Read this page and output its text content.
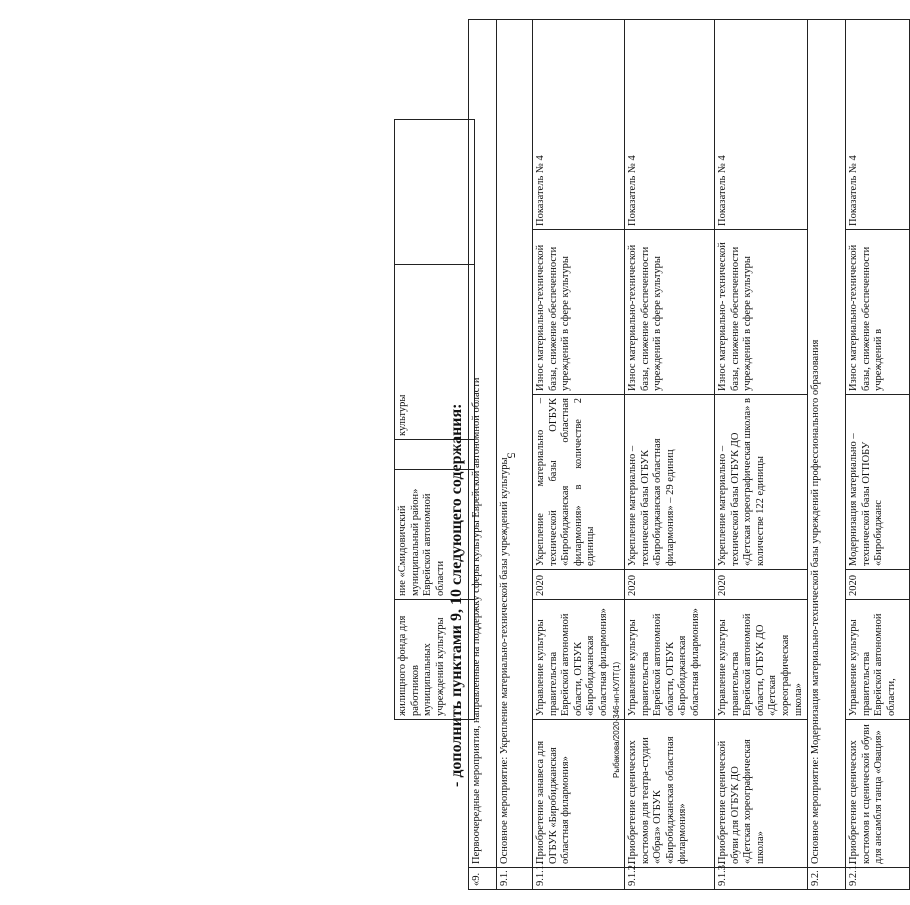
5
Рыбакова/2020-346-нп-КУЛТ(1)
жилищного фонда для работников муниципальных учреждений культуры	ние «Смидовичский муниципальный район» Еврейской автономной области		культуры		- дополнить пунктами 9, 10 следующего содержания:
«9.	Первоочередные мероприятия, направленные на поддержку сферы культуры Еврейской автономной области					
9.1.	Основное мероприятие: Укрепление материально-технической базы учреждений культуры					
9.1.1.	Приобретение занавеса для ОГБУК «Биробиджанская областная филармония»	Управление культуры правительства Еврейской автономной области, ОГБУК «Биробиджанская областная филармония»	2020	Укрепление материально – технической базы ОГБУК «Биробиджанская областная филармония» в количестве 2 единицы	Износ материально-технической базы, снижение обеспеченности учреждений в сфере культуры	Показатель № 4
9.1.2.	Приобретение сценических костюмов для театра-студии «Образ» ОГБУК «Биробиджанская областная филармония»	Управление культуры правительства Еврейской автономной области, ОГБУК «Биробиджанская областная филармония»	2020	Укрепление материально – технической базы ОГБУК «Биробиджанская областная филармония» – 29 единиц	Износ материально-технической базы, снижение обеспеченности учреждений в сфере культуры	Показатель № 4
9.1.3.	Приобретение сценической обуви для ОГБУК ДО «Детская хореографическая школа»	Управление культуры правительства Еврейской автономной области, ОГБУК ДО «Детская хореографическая школа»	2020	Укрепление материально – технической базы ОГБУК ДО «Детская хореографическая школа» в количестве 122 единицы	Износ материально- технической базы, снижение обеспеченности учреждений в сфере культуры	Показатель № 4
9.2.	Основное мероприятие: Модернизация материально-технической базы учреждений профессионального образования					
9.2.1.	Приобретение сценических костюмов и сценической обуви для ансамбля танца «Овация»	Управление культуры правительства Еврейской автономной области,	2020	Модернизация материально – технической базы ОГПОБУ «Биробиджанс	Износ материально-технической базы, снижение обеспеченности учреждений в	Показатель № 4
